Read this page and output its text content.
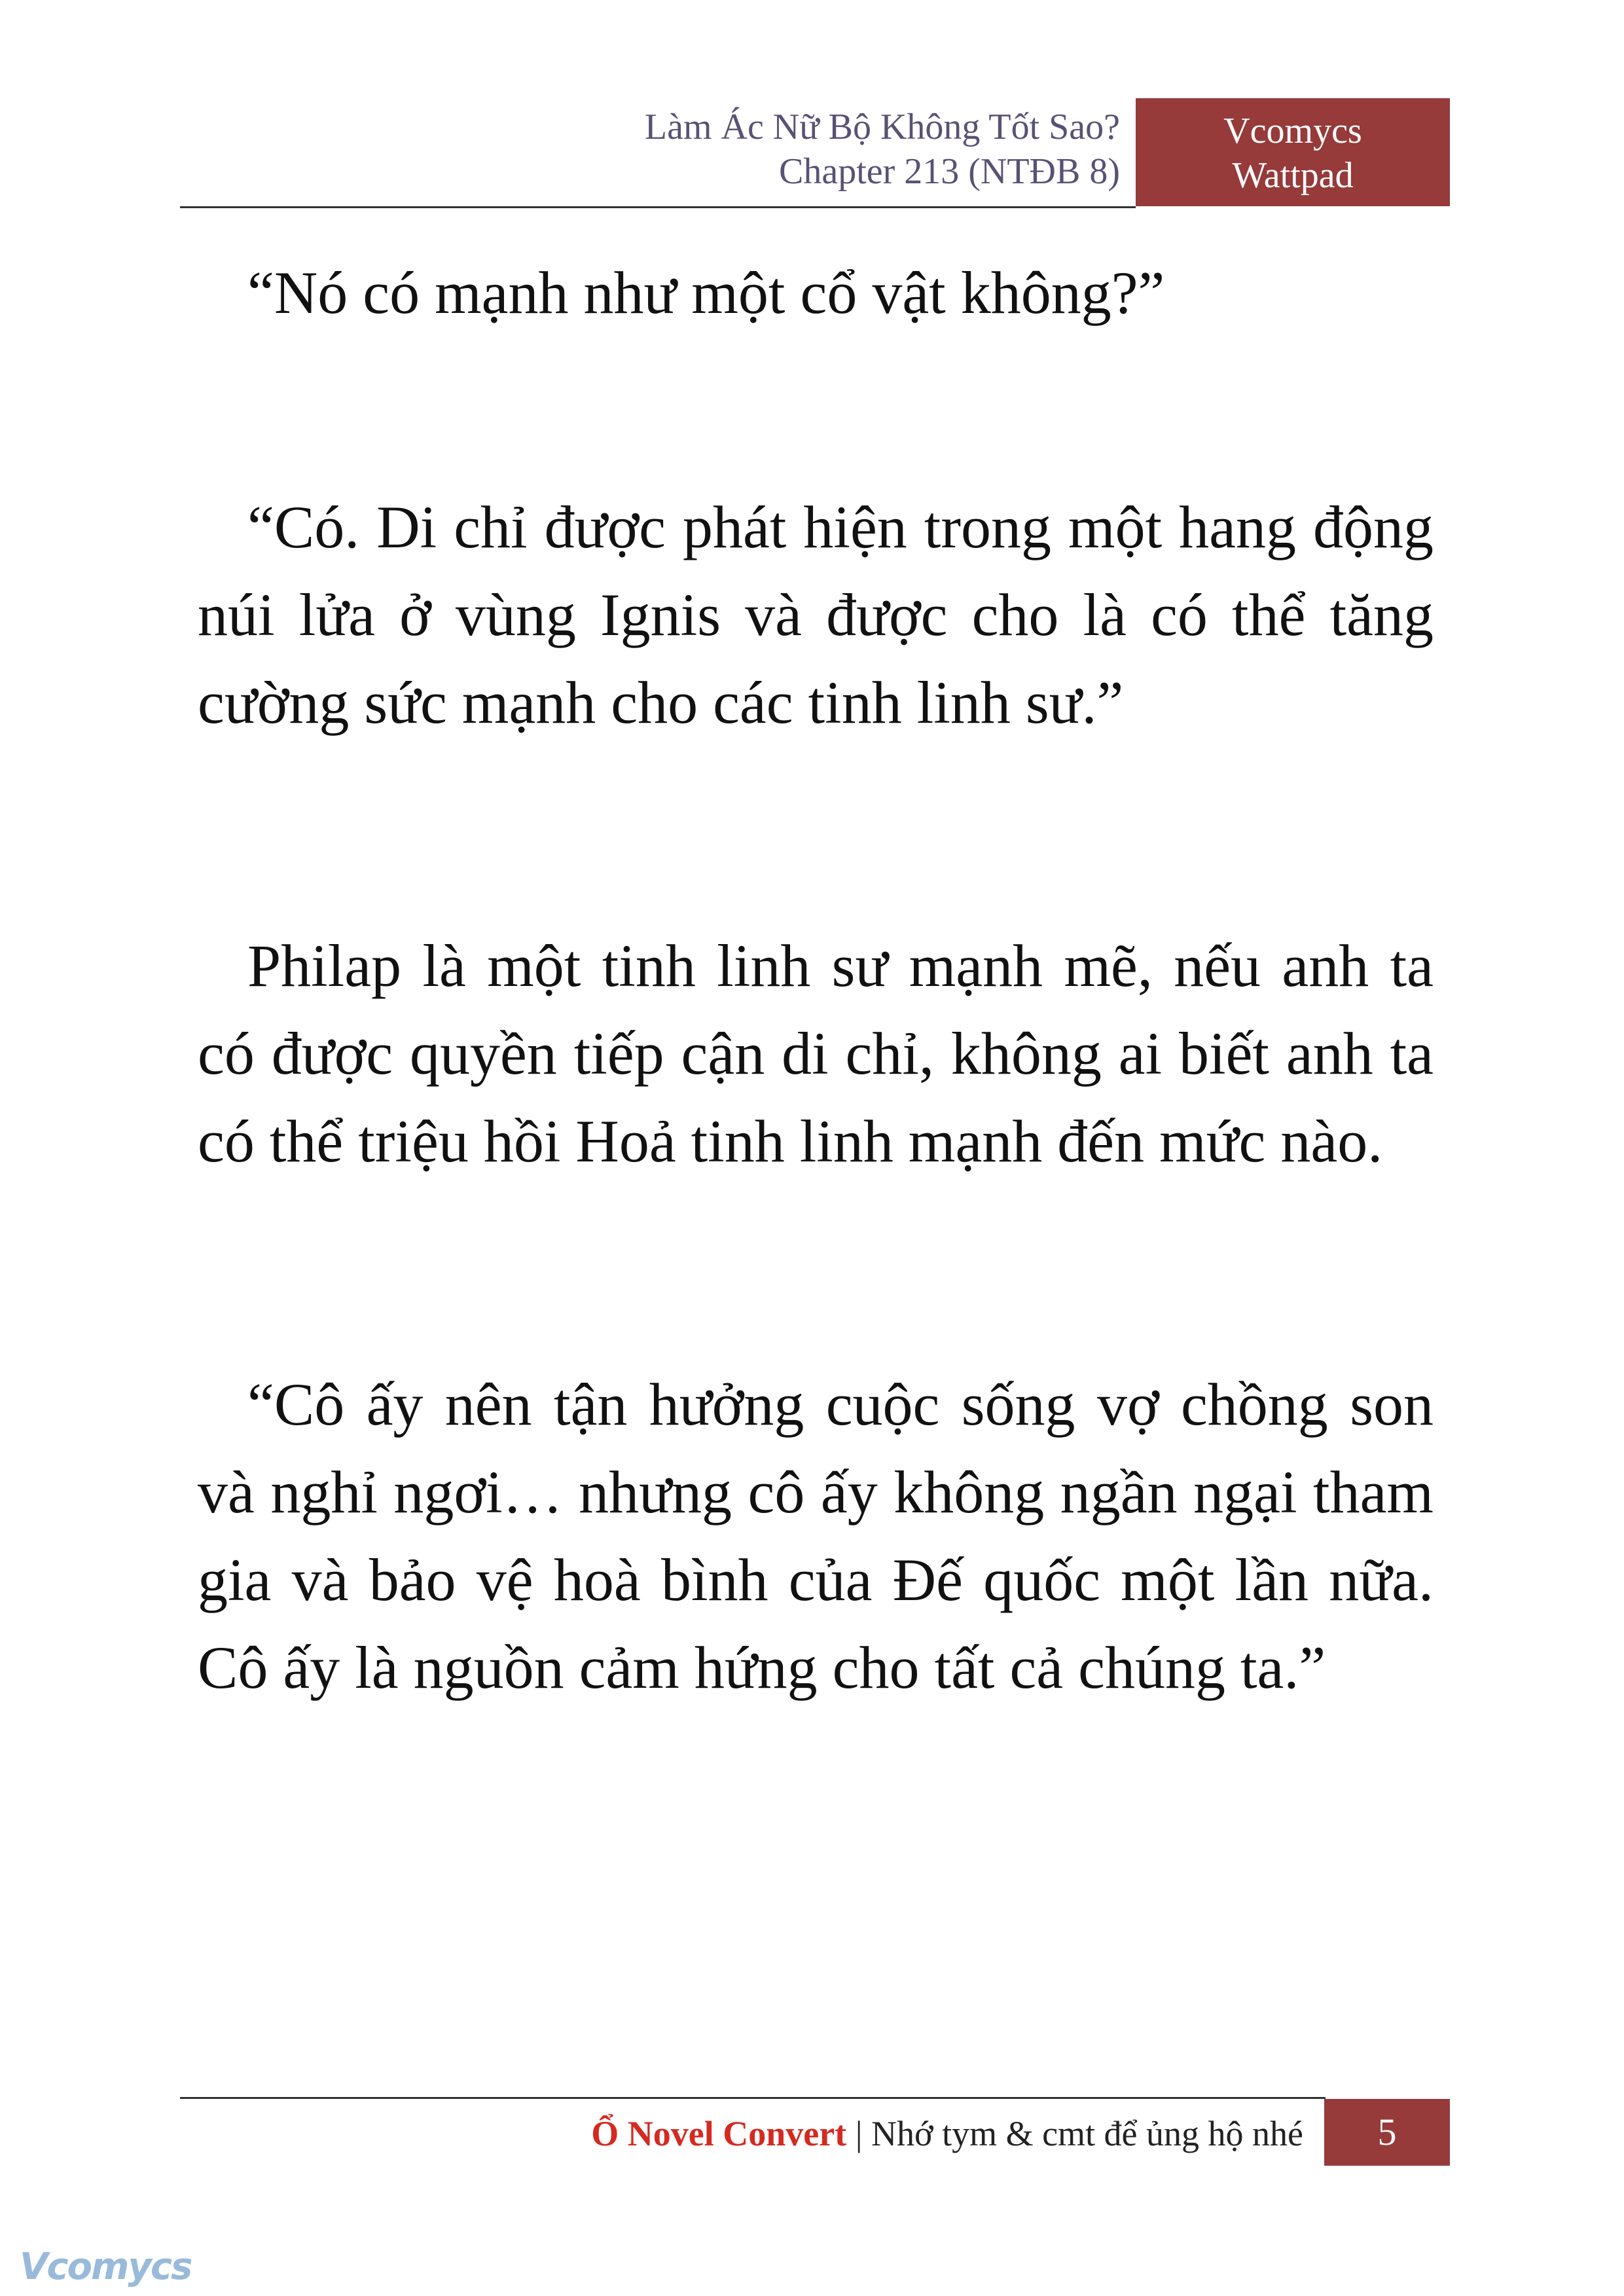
Làm Ác Nữ Bộ Không Tốt Sao?
Chapter 213 (NTĐB 8)
Vcomycs
Wattpad

“Nó có mạnh như một cổ vật không?”

“Có. Di chỉ được phát hiện trong một hang động núi lửa ở vùng Ignis và được cho là có thể tăng cường sức mạnh cho các tinh linh sư.”

Philap là một tinh linh sư mạnh mẽ, nếu anh ta có được quyền tiếp cận di chỉ, không ai biết anh ta có thể triệu hồi Hoả tinh linh mạnh đến mức nào.

“Cô ấy nên tận hưởng cuộc sống vợ chồng son và nghỉ ngơi… nhưng cô ấy không ngần ngại tham gia và bảo vệ hoà bình của Đế quốc một lần nữa. Cô ấy là nguồn cảm hứng cho tất cả chúng ta.”

Ổ Novel Convert | Nhớ tym & cmt để ủng hộ nhé	5
Vcomycs
